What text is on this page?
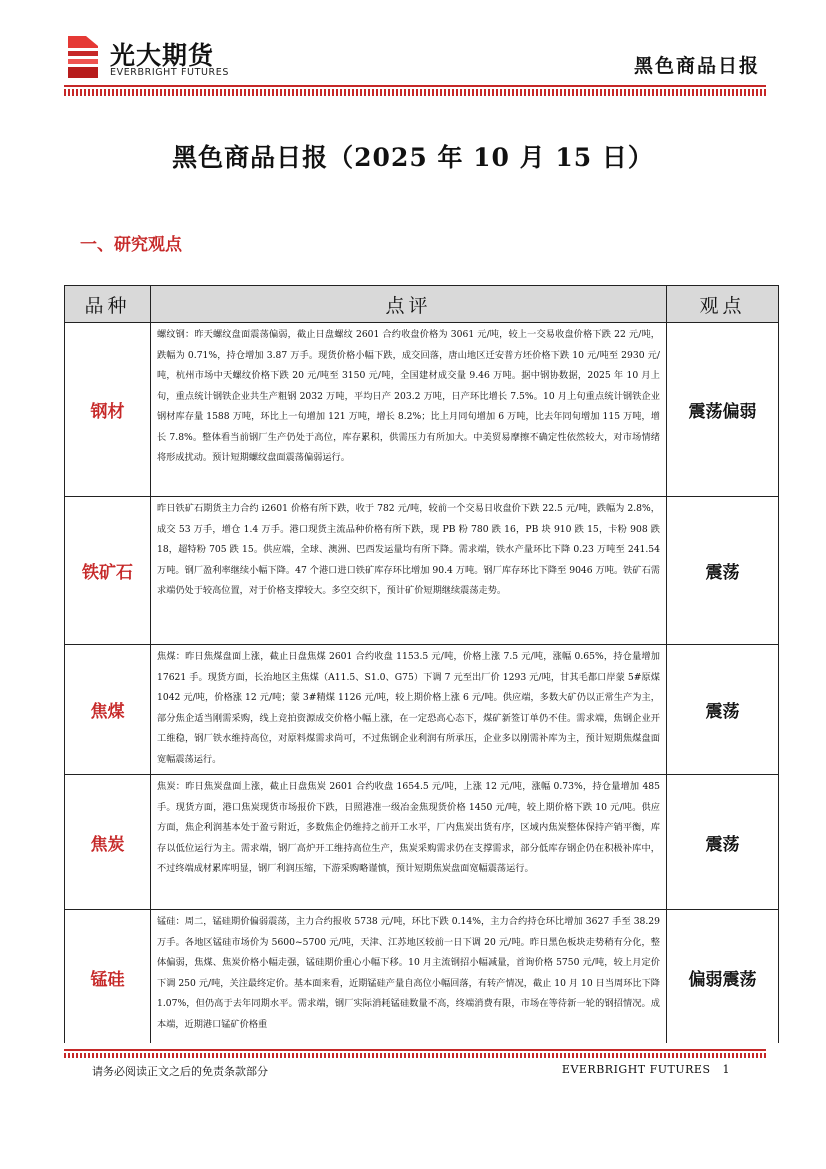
光大期货
EVERBRIGHT FUTURES	黑色商品日报
黑色商品日报（2025 年 10 月 15 日）
一、研究观点
品种	点评	观点
钢材	螺纹钢：昨天螺纹盘面震荡偏弱，截止日盘螺纹 2601 合约收盘价格为 3061 元/吨，较上一交易收盘价格下跌 22 元/吨，跌幅为 0.71%，持仓增加 3.87 万手。现货价格小幅下跌，成交回落，唐山地区迁安普方坯价格下跌 10 元/吨至 2930 元/吨，杭州市场中天螺纹价格下跌 20 元/吨至 3150 元/吨，全国建材成交量 9.46 万吨。据中钢协数据，2025 年 10 月上旬，重点统计钢铁企业共生产粗钢 2032 万吨，平均日产 203.2 万吨，日产环比增长 7.5%。10 月上旬重点统计钢铁企业钢材库存量 1588 万吨，环比上一旬增加 121 万吨，增长 8.2%；比上月同旬增加 6 万吨，比去年同旬增加 115 万吨，增长 7.8%。整体看当前钢厂生产仍处于高位，库存累积，供需压力有所加大。中美贸易摩擦不确定性依然较大，对市场情绪将形成扰动。预计短期螺纹盘面震荡偏弱运行。	震荡偏弱
铁矿石	昨日铁矿石期货主力合约 i2601 价格有所下跌，收于 782 元/吨，较前一个交易日收盘价下跌 22.5 元/吨，跌幅为 2.8%，成交 53 万手，增仓 1.4 万手。港口现货主流品种价格有所下跌，现 PB 粉 780 跌 16，PB 块 910 跌 15，卡粉 908 跌 18，超特粉 705 跌 15。供应端，全球、澳洲、巴西发运量均有所下降。需求端，铁水产量环比下降 0.23 万吨至 241.54 万吨。钢厂盈利率继续小幅下降。47 个港口进口铁矿库存环比增加 90.4 万吨。钢厂库存环比下降至 9046 万吨。铁矿石需求端仍处于较高位置，对于价格支撑较大。多空交织下，预计矿价短期继续震荡走势。	震荡
焦煤	焦煤：昨日焦煤盘面上涨，截止日盘焦煤 2601 合约收盘 1153.5 元/吨，价格上涨 7.5 元/吨，涨幅 0.65%，持仓量增加 17621 手。现货方面，长治地区主焦煤（A11.5、S1.0、G75）下调 7 元至出厂价 1293 元/吨，甘其毛都口岸蒙 5#原煤 1042 元/吨，价格涨 12 元/吨；蒙 3#精煤 1126 元/吨，较上期价格上涨 6 元/吨。供应端，多数大矿仍以正常生产为主，部分焦企适当刚需采购，线上竞拍资源成交价格小幅上涨，在一定恐高心态下，煤矿新签订单仍不佳。需求端，焦钢企业开工维稳，钢厂铁水维持高位，对原料煤需求尚可，不过焦钢企业利润有所承压，企业多以刚需补库为主，预计短期焦煤盘面宽幅震荡运行。	震荡
焦炭	焦炭：昨日焦炭盘面上涨，截止日盘焦炭 2601 合约收盘 1654.5 元/吨，上涨 12 元/吨，涨幅 0.73%，持仓量增加 485 手。现货方面，港口焦炭现货市场报价下跌，日照港准一级冶金焦现货价格 1450 元/吨，较上期价格下跌 10 元/吨。供应方面，焦企利润基本处于盈亏附近，多数焦企仍维持之前开工水平，厂内焦炭出货有序，区域内焦炭整体保持产销平衡，库存以低位运行为主。需求端，钢厂高炉开工维持高位生产，焦炭采购需求仍在支撑需求，部分低库存钢企仍在积极补库中，不过终端成材累库明显，钢厂利润压缩，下游采购略谨慎，预计短期焦炭盘面宽幅震荡运行。	震荡
锰硅	锰硅：周二，锰硅期价偏弱震荡，主力合约报收 5738 元/吨，环比下跌 0.14%，主力合约持仓环比增加 3627 手至 38.29 万手。各地区锰硅市场价为 5600~5700 元/吨，天津、江苏地区较前一日下调 20 元/吨。昨日黑色板块走势稍有分化，整体偏弱，焦煤、焦炭价格小幅走强，锰硅期价重心小幅下移。10 月主流钢招小幅减量，首询价格 5750 元/吨，较上月定价下调 250 元/吨，关注最终定价。基本面来看，近期锰硅产量自高位小幅回落，有转产情况，截止 10 月 10 日当周环比下降 1.07%，但仍高于去年同期水平。需求端，钢厂实际消耗锰硅数量不高，终端消费有限，市场在等待新一轮的钢招情况。成本端，近期港口锰矿价格重	偏弱震荡
请务必阅读正文之后的免责条款部分	EVERBRIGHT FUTURES 1
